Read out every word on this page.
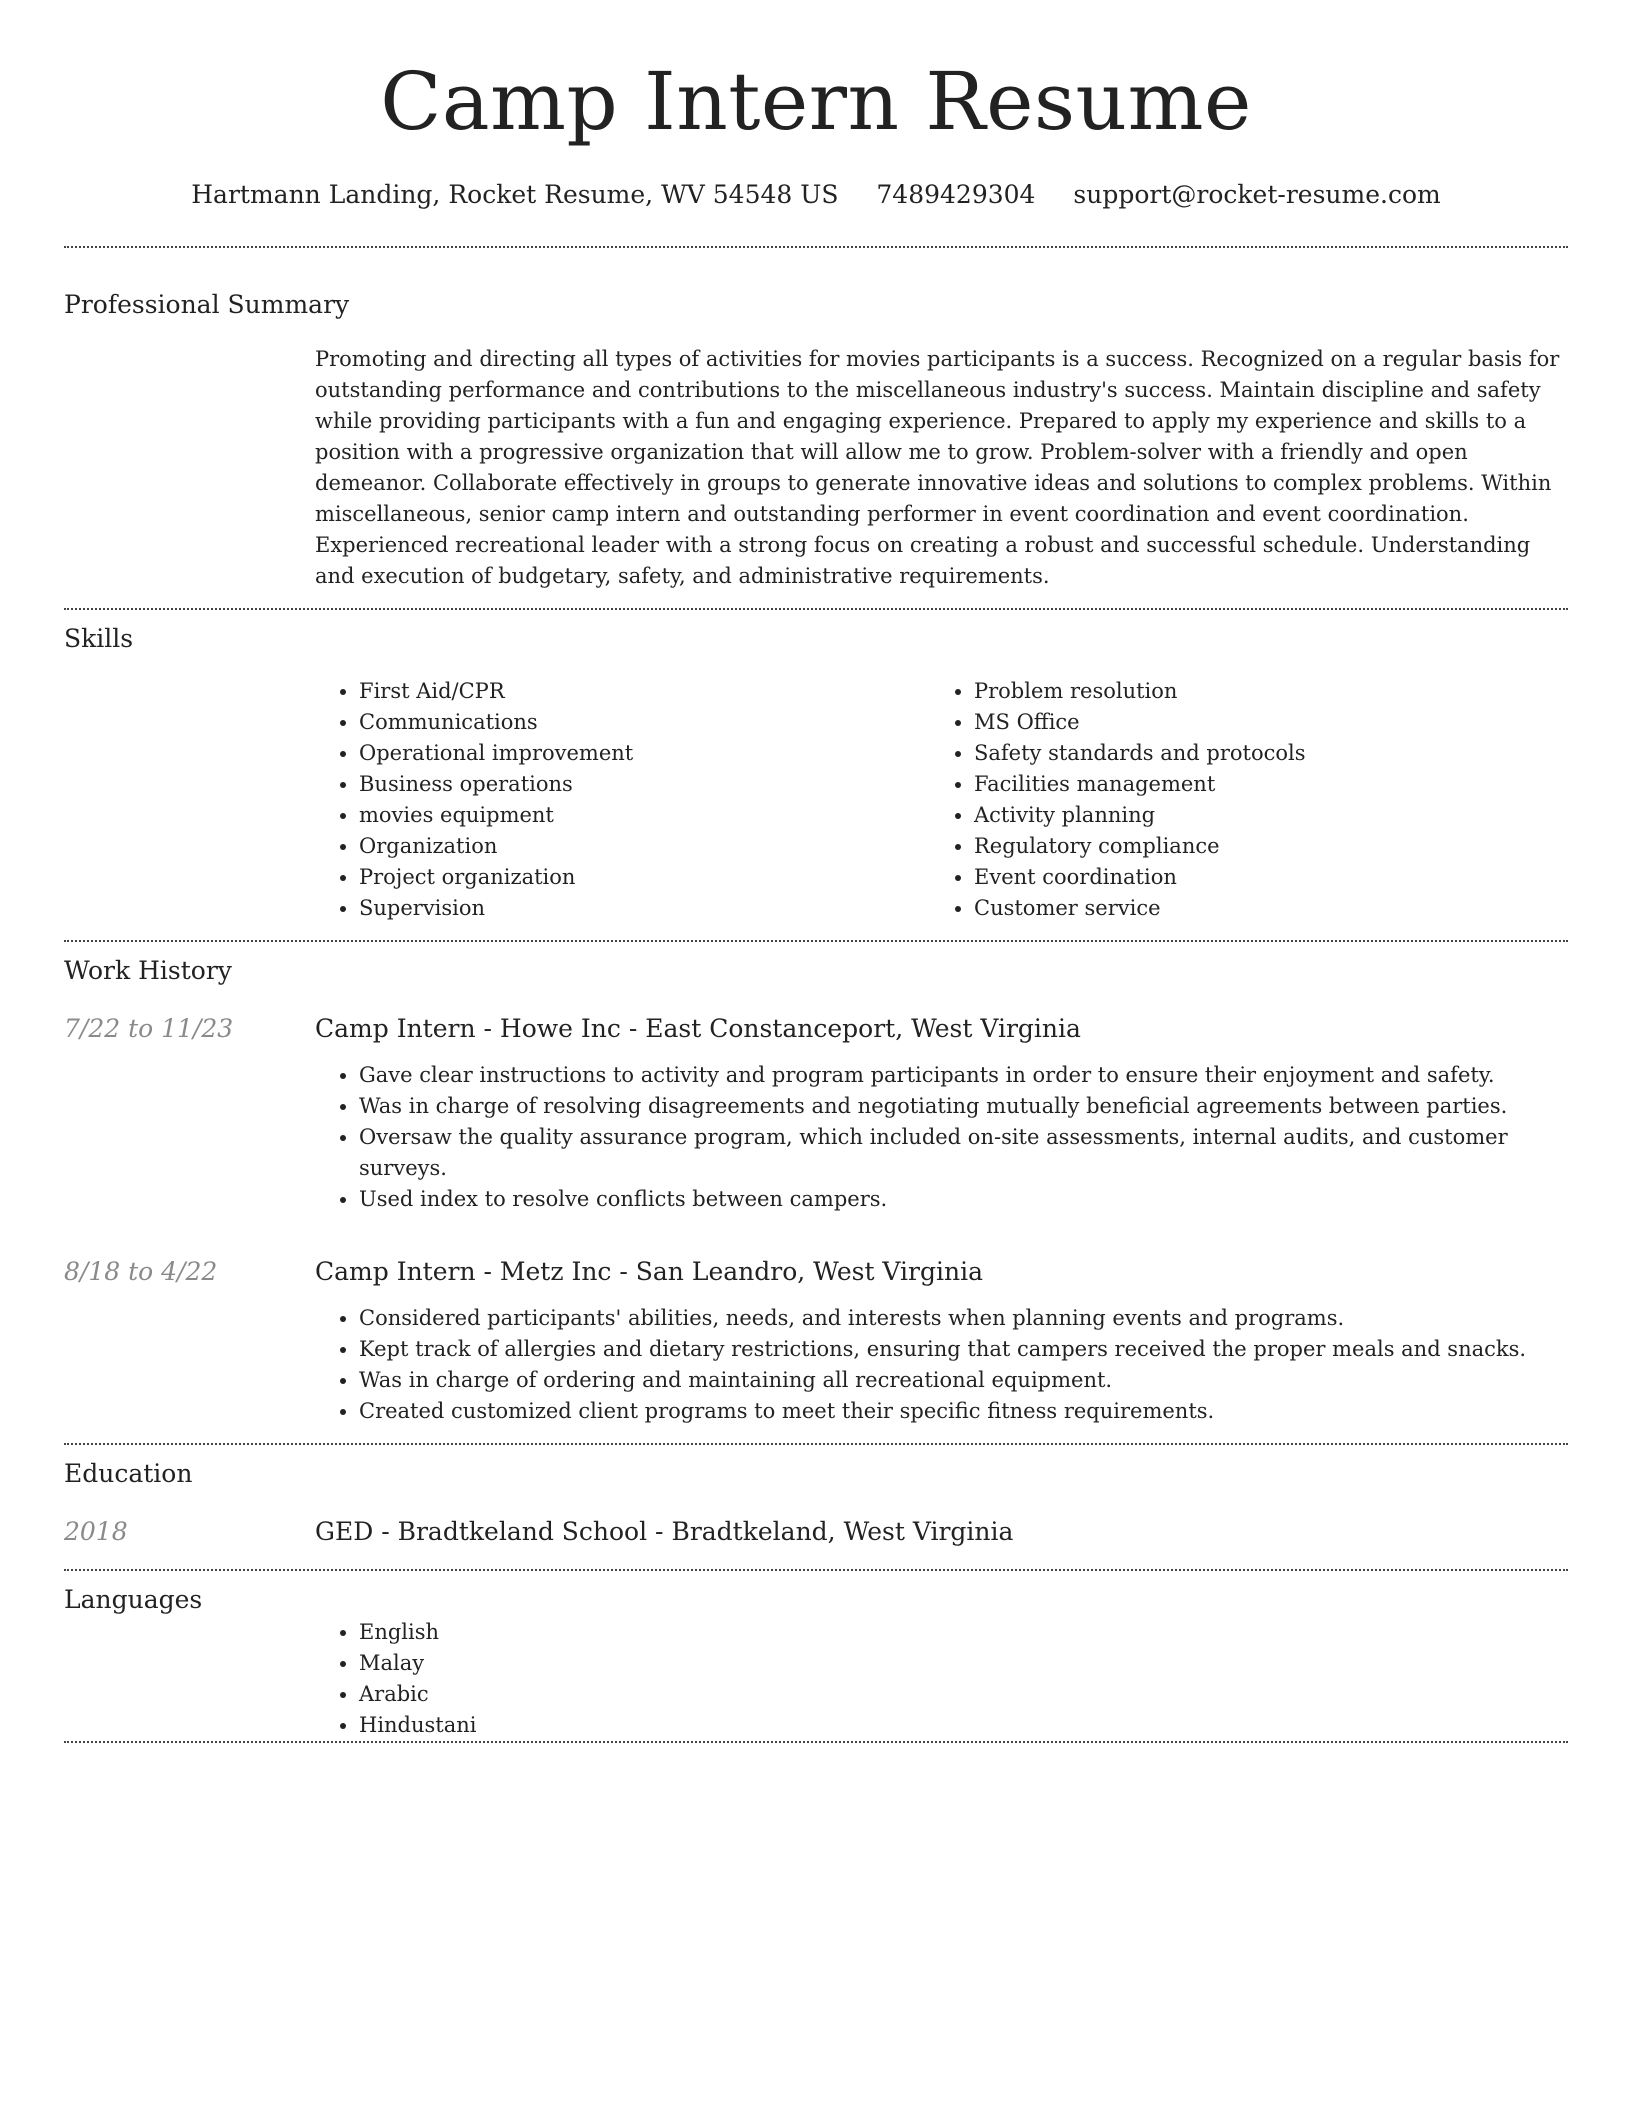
Camp Intern Resume
Hartmann Landing, Rocket Resume, WV 54548 US 7489429304 support@rocket-resume.com
Professional Summary

Promoting and directing all types of activities for movies participants is a success. Recognized on a regular basis for outstanding performance and contributions to the miscellaneous industry's success. Maintain discipline and safety while providing participants with a fun and engaging experience. Prepared to apply my experience and skills to a position with a progressive organization that will allow me to grow. Problem-solver with a friendly and open demeanor. Collaborate effectively in groups to generate innovative ideas and solutions to complex problems. Within miscellaneous, senior camp intern and outstanding performer in event coordination and event coordination. Experienced recreational leader with a strong focus on creating a robust and successful schedule. Understanding and execution of budgetary, safety, and administrative requirements.

Skills
• First Aid/CPR
• Communications
• Operational improvement
• Business operations
• movies equipment
• Organization
• Project organization
• Supervision
• Problem resolution
• MS Office
• Safety standards and protocols
• Facilities management
• Activity planning
• Regulatory compliance
• Event coordination
• Customer service
Work History
7/22 to 11/23	Camp Intern - Howe Inc - East Constanceport, West Virginia
• Gave clear instructions to activity and program participants in order to ensure their enjoyment and safety.
• Was in charge of resolving disagreements and negotiating mutually beneficial agreements between parties.
• Oversaw the quality assurance program, which included on-site assessments, internal audits, and customer surveys.
• Used index to resolve conflicts between campers.
8/18 to 4/22	Camp Intern - Metz Inc - San Leandro, West Virginia
• Considered participants' abilities, needs, and interests when planning events and programs.
• Kept track of allergies and dietary restrictions, ensuring that campers received the proper meals and snacks.
• Was in charge of ordering and maintaining all recreational equipment.
• Created customized client programs to meet their specific fitness requirements.
Education
2018	GED - Bradtkeland School - Bradtkeland, West Virginia
Languages
• English
• Malay
• Arabic
• Hindustani
